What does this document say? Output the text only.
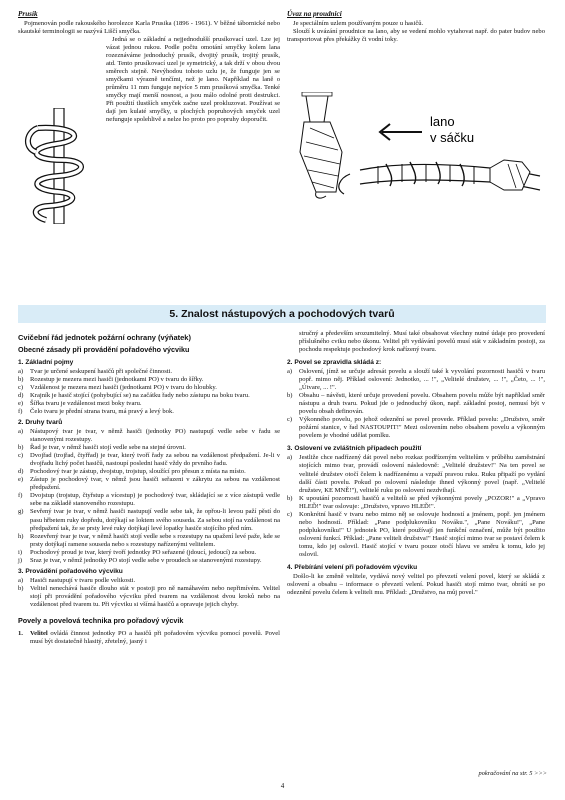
Prusík

Pojmenován podle rakouského horolezce Karla Prusika (1896 - 1961). V běžné tábornické nebo skautské terminologii se nazývá Liščí smyčka.

Jedná se o základní a nejjednodušší prusíkovací uzel. Lze jej vázat jednou rukou. Podle počtu omotání smyčky kolem lana rozeznáváme jednoduchý prusík, dvojitý prusík, trojitý prusík, atd. Tento prusíkovací uzel je symetrický, a tak drží v obou dvou směrech stejně. Nevýhodou tohoto uzlu je, že funguje jen se smyčkami výrazně tenčími, než je lano. Například na laně o průměru 11 mm funguje nejvíce 5 mm prusíková smyčka. Tenké smyčky mají menší nosnost, a jsou málo odolné proti destrukci. Při použití tlustších smyček začne uzel prokluzovat. Používat se dají jen kulaté smyčky, u plochých popruhových smyček uzel nefunguje spolehlivě a nelze ho proto pro popruhy doporučit.

Úvaz na proudnici

Je speciálním uzlem používaným pouze u hasičů.

Slouží k uvázání proudnice na lano, aby se vedení mohlo vytahovat např. do pater budov nebo transportovat přes překážky či vodní toky.

lano
v sáčku
5. Znalost nástupových a pochodových tvarů
Cvičební řád jednotek požární ochrany (výňatek)
Obecné zásady při provádění pořadového výcviku
1. Základní pojmy
a) Tvar je určené seskupení hasičů při společné činnosti.
b) Rozestup je mezera mezi hasiči (jednotkami PO) v tvaru do šířky.
c) Vzdálenost je mezera mezi hasiči (jednotkami PO) v tvaru do hloubky.
d) Krajník je hasič stojící (pohybující se) na začátku řady nebo zástupu na boku tvaru.
e) Šířka tvaru je vzdálenost mezi boky tvaru.
f) Čelo tvaru je přední strana tvaru, má pravý a levý bok.
2. Druhy tvarů
a) Nástupový tvar je tvar, v němž hasiči (jednotky PO) nastupují vedle sebe v řadu se stanovenými rozestupy.
b) Řad je tvar, v němž hasiči stojí vedle sebe na stejné úrovni.
c) Dvojřad (trojřad, čtyřřad) je tvar, který tvoří řady za sebou na vzdálenost předpažení. Je-li v dvojřadu lichý počet hasičů, nastoupí posledni hasič vždy do prvního řadu.
d) Pochodový tvar je zástup, dvojstup, trojstup, sloužící pro přesun z místa na místo.
e) Zástup je pochodový tvar, v němž jsou hasiči seřazeni v zákrytu za sebou na vzdálenost předpažení.
f) Dvojstup (trojstup, čtyřstup a vícestup) je pochodový tvar, skládající se z více zástupů vedle sebe na základě stanoveného rozestupu.
g) Sevřený tvar je tvar, v němž hasiči nastupují vedle sebe tak, že opřou-li levou paží pěstí do pasu hřbetem ruky dopředu, dotýkají se loktem svého souseda. Za sebou stojí na vzdálenost na předpažení tak, že se prsty levé ruky dotýkají levé lopatky hasiče stojícího před ním.
h) Rozevřený tvar je tvar, v němž hasiči stojí vedle sebe s rozestupy na upažení levé paže, kde se prsty dotýkají ramene souseda nebo s rozestupy nařízenými velitelem.
i) Pochodový proud je tvar, který tvoří jednotky PO seřazené (jdoucí, jedoucí) za sebou.
j) Sraz je tvar, v němž jednotky PO stojí vedle sebe v proudech se stanovenými rozestupy.
3. Provádění pořadového výcviku
a) Hasiči nastupují v tvaru podle velikosti.
b) Velitel nenechává hasiče dlouho stát v postoji pro ně namáhavém nebo nepřimívém. Velitel stojí při provádění pořadového výcviku před tvarem na vzdálenost dvou kroků nebo na vzdálenost před tvarem tu. Při výcviku si všímá hasičů a opravuje jejich chyby.
Povely a povelová technika pro pořadový výcvik
1. Velitel ovládá činnost jednotky PO a hasičů při pořadovém výcviku pomocí povelů. Povel musí být dostatečně hlasitý, zřetelný, jasný i

stručný a především srozumitelný. Musí také obsahovat všechny nutné údaje pro provedení příslušného cviku nebo úkonu. Velitel při vydávání povelů musí stát v základním postoji, za pochodu respektuje pochodový krok nařízený tvaru.

2. Povel se zpravidla skládá z:
a) Oslovení, jímž se určuje adresát povelu a slouží také k vyvolání pozornosti hasičů v tvaru popř. mimo něj. Příklad oslovení: Jednotko, ... !", „Velitelé družstev, ... !", „Četo, ... !", „Útvare, ... !".
b) Obsahu – návěsti, které určuje provedení povelu. Obsahem povelu může být například směr nástupu a druh tvaru. Pokud jde o jednoduchý úkon, např. základní postoj, nemusí být v povelu obsah definován.
c) Výkonného povelu, po jehož odeznění se povel provede. Příklad povelu: „Družstvo, směr požární stanice, v řad NASTOUPIT!" Mezi oslovením nebo obsahem povelu a výkonným povelem je vhodné udělat pomlku.
3. Oslovení ve zvláštních případech použití
a) Jestliže chce nadřízený dát povel nebo rozkaz podřízeným velitelům v průběhu zaměstnání stojících mimo tvar, provádí oslovení následovně: „Velitelé družstev!" Na ten povel se velitelé družstev otočí čelem k nadřízenému a vzpaží pravou ruku. Ruku připaží po vydání další části povelu. Pokud po oslovení následuje ihned výkonný povel (např. „Velitelé družstev, KE MNĚ!"), velitelé ruku po oslovení nezdvihají.
b) K upoutání pozornosti hasičů a velitelů se před výkonnými povely „POZOR!" a „Vpravo HLEĎ!" tvar oslovuje: „Družstvo, vpravo HLEĎ!".
c) Konkrétní hasič v tvaru nebo mimo něj se oslovuje hodností a jménem, popř. jen jménem nebo hodností. Příklad: „Pane podplukovníku Nováku.", „Pane Nováku!", „Pane podplukovníku!" U jednotek PO, které používají jen funkční označení, může být použito oslovení funkcí. Příklad: „Pane veliteli družstva!" Hasič stojící mimo tvar se postaví čelem k tomu, kdo jej oslovil. Hasič stojící v tvaru pouze otočí hlavu ve směru k tomu, kdo jej oslovil.
4. Přebírání velení při pořadovém výcviku

Došlo-li ke změně velitele, vydává nový velitel po převzetí velení povel, který se skládá z oslovení a obsahu – informace o převzetí velení. Pokud hasiči stojí mimo tvar, obrátí se po odeznění povelu čelem k veliteli mu. Příklad: „Družstvo, na můj povel."

pokračování na str. 5 >>>
4
